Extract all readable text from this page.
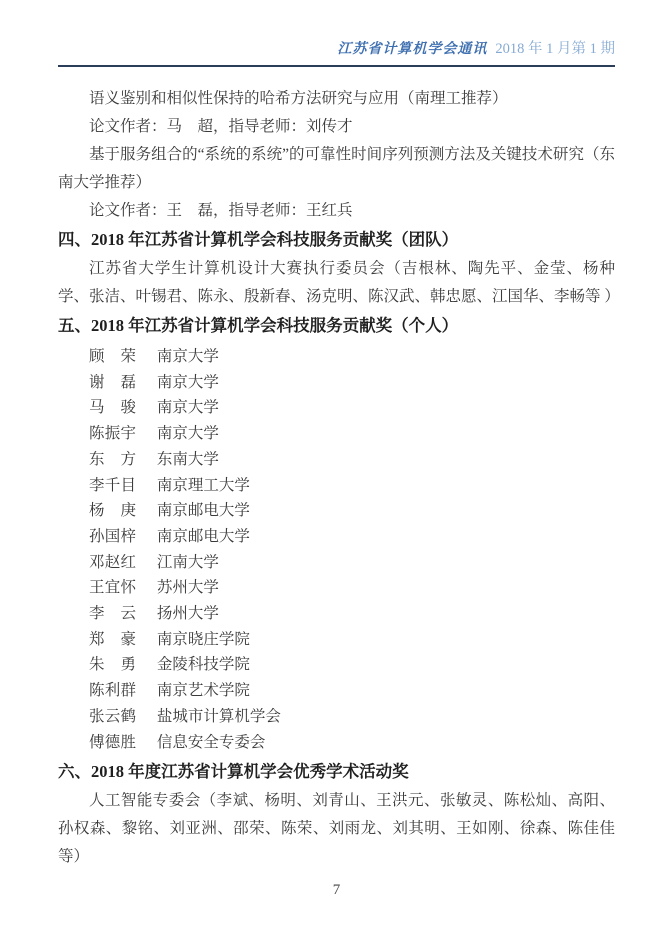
江苏省计算机学会通讯 2018 年 1 月第 1 期

语义鉴别和相似性保持的哈希方法研究与应用（南理工推荐）

论文作者：马　超，指导老师：刘传才

基于服务组合的“系统的系统”的可靠性时间序列预测方法及关键技术研究（东南大学推荐）

论文作者：王　磊，指导老师：王红兵

四、2018 年江苏省计算机学会科技服务贡献奖（团队）

江苏省大学生计算机设计大赛执行委员会（吉根林、陶先平、金莹、杨种学、张洁、叶锡君、陈永、殷新春、汤克明、陈汉武、韩忠愿、江国华、李畅等 ）

五、2018 年江苏省计算机学会科技服务贡献奖（个人）
顾荣 南京大学
谢磊 南京大学
马骏 南京大学
陈振宇 南京大学
东方 东南大学
李千目 南京理工大学
杨庚 南京邮电大学
孙国梓 南京邮电大学
邓赵红 江南大学
王宜怀 苏州大学
李云 扬州大学
郑豪 南京晓庄学院
朱勇 金陵科技学院
陈利群 南京艺术学院
张云鹤 盐城市计算机学会
傅德胜 信息安全专委会
六、2018 年度江苏省计算机学会优秀学术活动奖

人工智能专委会（李斌、杨明、刘青山、王洪元、张敏灵、陈松灿、高阳、孙权森、黎铭、刘亚洲、邵荣、陈荣、刘雨龙、刘其明、王如刚、徐森、陈佳佳等）

7
